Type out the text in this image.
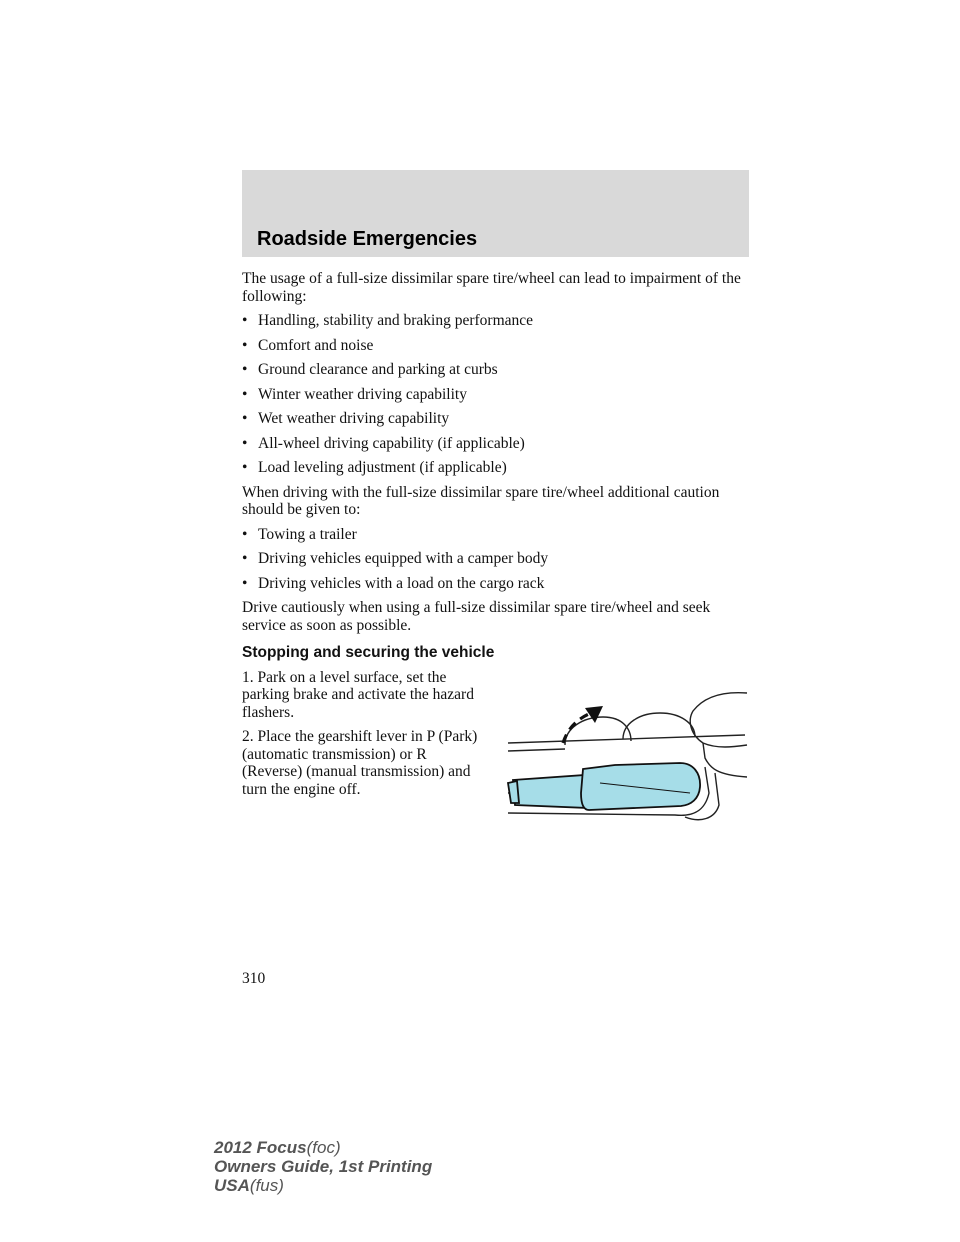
Roadside Emergencies

The usage of a full-size dissimilar spare tire/wheel can lead to impairment of the following:

• Handling, stability and braking performance
• Comfort and noise
• Ground clearance and parking at curbs
• Winter weather driving capability
• Wet weather driving capability
• All-wheel driving capability (if applicable)
• Load leveling adjustment (if applicable)

When driving with the full-size dissimilar spare tire/wheel additional caution should be given to:

• Towing a trailer
• Driving vehicles equipped with a camper body
• Driving vehicles with a load on the cargo rack

Drive cautiously when using a full-size dissimilar spare tire/wheel and seek service as soon as possible.

Stopping and securing the vehicle

1. Park on a level surface, set the parking brake and activate the hazard flashers.

2. Place the gearshift lever in P (Park) (automatic transmission) or R (Reverse) (manual transmission) and turn the engine off.

310
2012 Focus(foc)
Owners Guide, 1st Printing
USA(fus)
